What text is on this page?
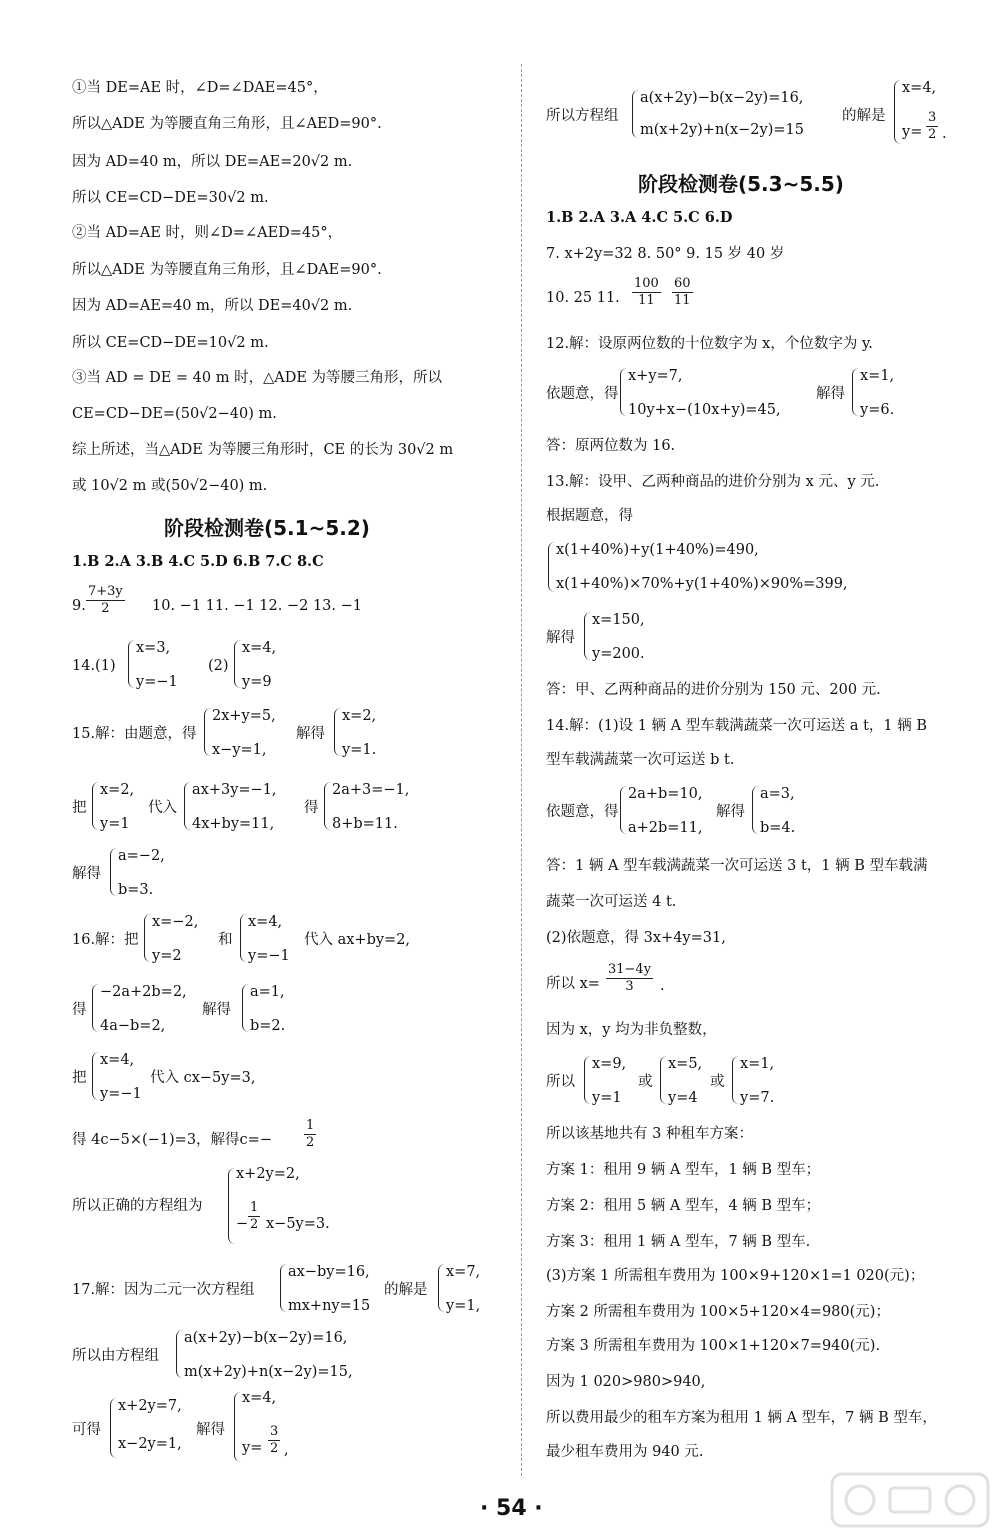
①当 DE=AE 时，∠D=∠DAE=45°，
所以△ADE 为等腰直角三角形，且∠AED=90°.
因为 AD=40 m，所以 DE=AE=20√2 m.
所以 CE=CD−DE=30√2 m.
②当 AD=AE 时，则∠D=∠AED=45°，
所以△ADE 为等腰直角三角形，且∠DAE=90°.
因为 AD=AE=40 m，所以 DE=40√2 m.
所以 CE=CD−DE=10√2 m.
③当 AD = DE = 40 m 时，△ADE 为等腰三角形，所以
CE=CD−DE=(50√2−40) m.
综上所述，当△ADE 为等腰三角形时，CE 的长为 30√2 m
或 10√2 m 或(50√2−40) m.
阶段检测卷(5.1~5.2)
1.B 2.A 3.B 4.C 5.D 6.B 7.C 8.C
9. $\frac{7+3y}{2} 10$. −1 11. −1 12. −2 13. −1
14.(1)
x=3,
y=−1
(2)
x=4,
y=9
15.解：由题意，得
2x+y=5,
x−y=1,
解得
x=2,
y=1.
把
x=2,
y=1
代入
ax+3y=−1,
4x+by=11,
得
2a+3=−1,
8+b=11.
解得
a=−2,
b=3.
16.解：把
x=−2,
y=2
和
x=4,
y=−1
代入 ax+by=2,
得
−2a+2b=2,
4a−b=2,
解得
a=1,
b=2.
把
x=4,
y=−1
代入 cx−5y=3,
得 4c−5×(−1)=3，解得$c=- \frac{1}{2}$
所以正确的方程组为
x+2y=2,
− $\frac{1}{2} x-5y=3$.
17.解：因为二元一次方程组
ax−by=16,
mx+ny=15
的解是
x=7,
y=1,
所以由方程组
a(x+2y)−b(x−2y)=16,
m(x+2y)+n(x−2y)=15,
可得
x+2y=7,
x−2y=1,
解得
x=4,
$y= \frac{3}{2}$ ,
所以方程组
a(x+2y)−b(x−2y)=16,
m(x+2y)+n(x−2y)=15
的解是
x=4,
$y= \frac{3}{2}$ .
阶段检测卷(5.3~5.5)
1.B 2.A 3.A 4.C 5.C 6.D
7. x+2y=32 8. 50° 9. 15 岁 40 岁
10. 25 11. $\frac{100}{11} \frac{60}{11}$
12.解：设原两位数的十位数字为 x，个位数字为 y.
依题意，得
x+y=7,
10y+x−(10x+y)=45,
解得
x=1,
y=6.
答：原两位数为 16.
13.解：设甲、乙两种商品的进价分别为 x 元、y 元.
根据题意，得
x(1+40%)+y(1+40%)=490,
x(1+40%)×70%+y(1+40%)×90%=399,
解得
x=150,
y=200.
答：甲、乙两种商品的进价分别为 150 元、200 元.
14.解：(1)设 1 辆 A 型车载满蔬菜一次可运送 a t，1 辆 B
型车载满蔬菜一次可运送 b t.
依题意，得
2a+b=10,
a+2b=11,
解得
a=3,
b=4.
答：1 辆 A 型车载满蔬菜一次可运送 3 t，1 辆 B 型车载满
蔬菜一次可运送 4 t.
(2)依题意，得 3x+4y=31,
所以 $x= \frac{31-4y}{3}$ .
因为 x，y 均为非负整数，
所以
x=9,
y=1
或
x=5,
y=4
或
x=1,
y=7.
所以该基地共有 3 种租车方案：
方案 1：租用 9 辆 A 型车，1 辆 B 型车；
方案 2：租用 5 辆 A 型车，4 辆 B 型车；
方案 3：租用 1 辆 A 型车，7 辆 B 型车.
(3)方案 1 所需租车费用为 100×9+120×1=1 020(元)；
方案 2 所需租车费用为 100×5+120×4=980(元)；
方案 3 所需租车费用为 100×1+120×7=940(元).
因为 1 020>980>940,
所以费用最少的租车方案为租用 1 辆 A 型车，7 辆 B 型车，
最少租车费用为 940 元.
· 54 ·
